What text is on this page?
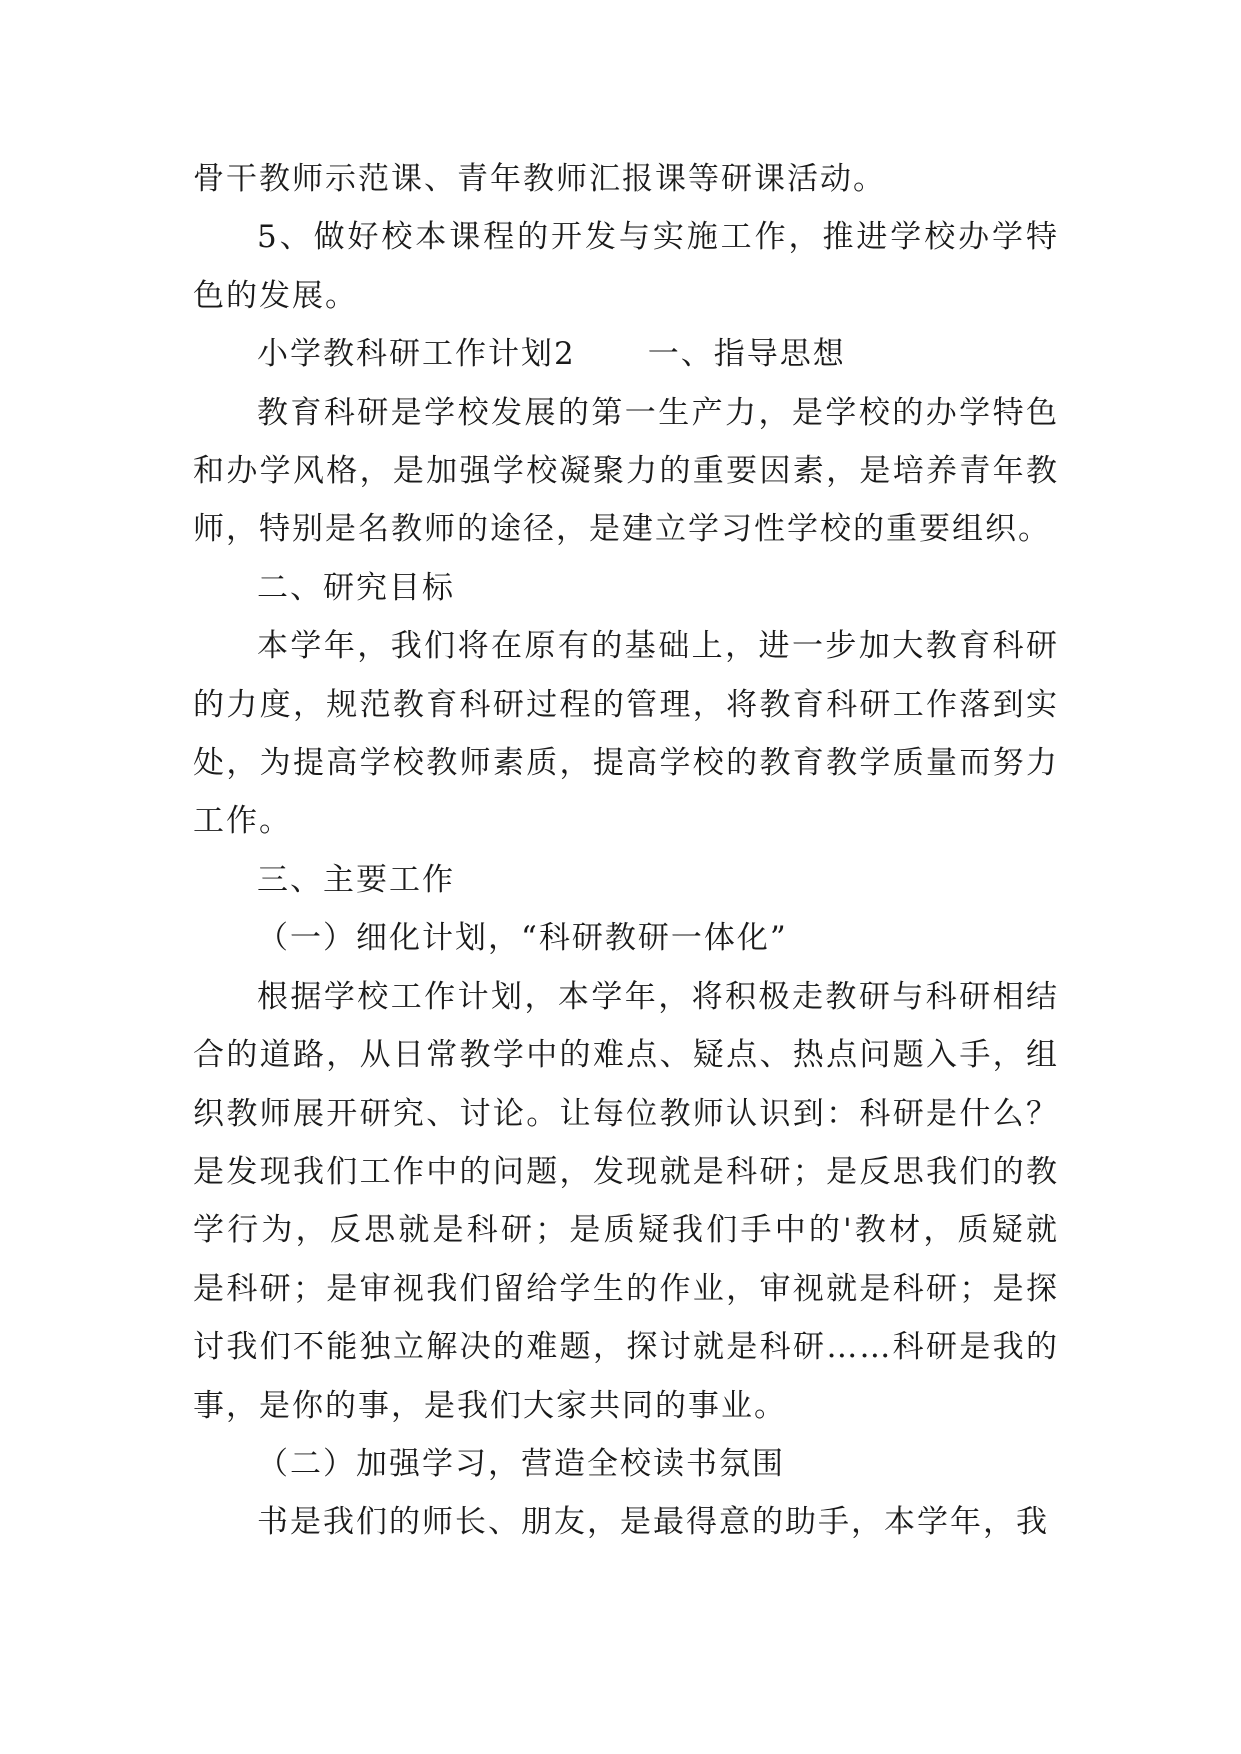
骨干教师示范课、青年教师汇报课等研课活动。

5、做好校本课程的开发与实施工作，推进学校办学特色的发展。

小学教科研工作计划2 一、指导思想

教育科研是学校发展的第一生产力，是学校的办学特色和办学风格，是加强学校凝聚力的重要因素，是培养青年教师，特别是名教师的途径，是建立学习性学校的重要组织。

二、研究目标

本学年，我们将在原有的基础上，进一步加大教育科研的力度，规范教育科研过程的管理，将教育科研工作落到实处，为提高学校教师素质，提高学校的教育教学质量而努力工作。

三、主要工作

（一）细化计划，“科研教研一体化”

根据学校工作计划，本学年，将积极走教研与科研相结合的道路，从日常教学中的难点、疑点、热点问题入手，组织教师展开研究、讨论。让每位教师认识到：科研是什么？是发现我们工作中的问题，发现就是科研；是反思我们的教学行为，反思就是科研；是质疑我们手中的'教材，质疑就是科研；是审视我们留给学生的作业，审视就是科研；是探讨我们不能独立解决的难题，探讨就是科研……科研是我的事，是你的事，是我们大家共同的事业。

（二）加强学习，营造全校读书氛围

书是我们的师长、朋友，是最得意的助手，本学年，我
